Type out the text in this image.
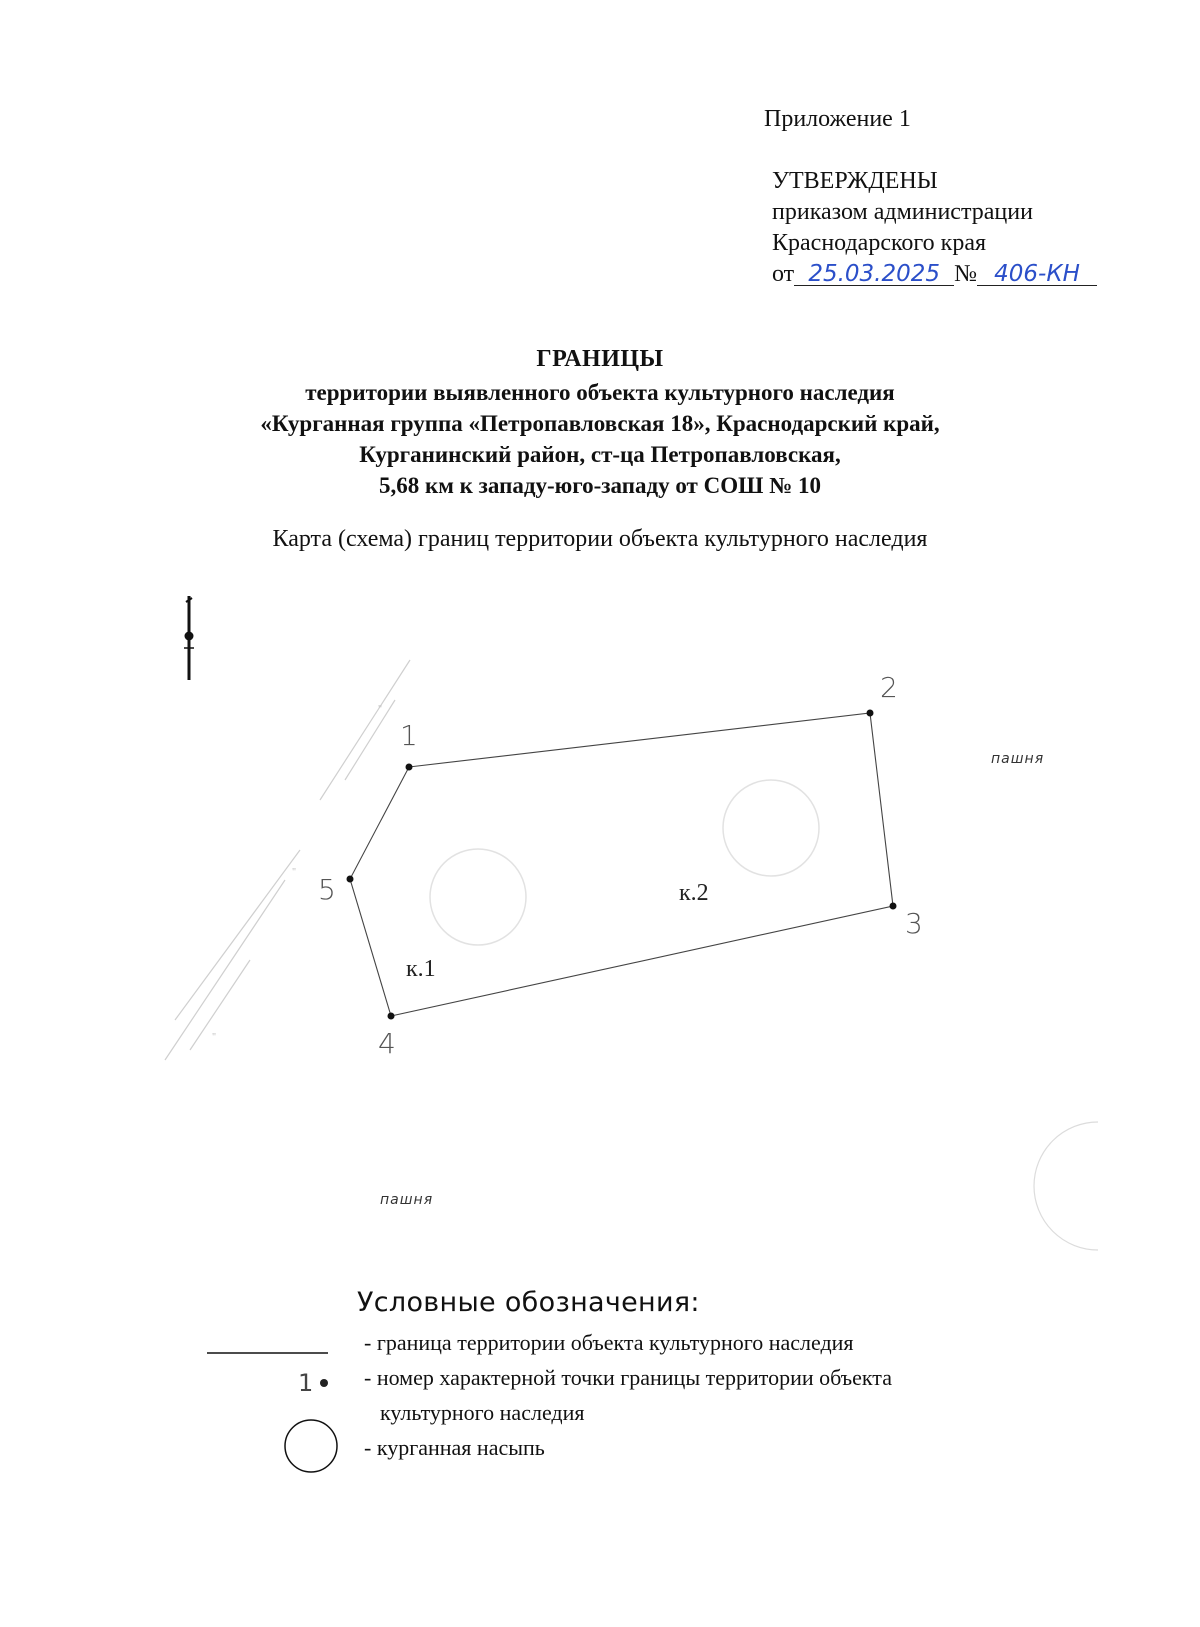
Приложение 1
УТВЕРЖДЕНЫ
приказом администрации
Краснодарского края
от 25.03.2025 № 406-КН
ГРАНИЦЫ
территории выявленного объекта культурного наследия
«Курганная группа «Петропавловская 18», Краснодарский край,
Курганинский район, ст-ца Петропавловская,
5,68 км к западу-юго-западу от СОШ № 10
Карта (схема) границ территории объекта культурного наследия
"
"
"
1
2
3
4
5
к.1
к.2
пашня
пашня
1
Условные обозначения:
- граница территории объекта культурного наследия
- номер характерной точки границы территории объекта
культурного наследия
- курганная насыпь
